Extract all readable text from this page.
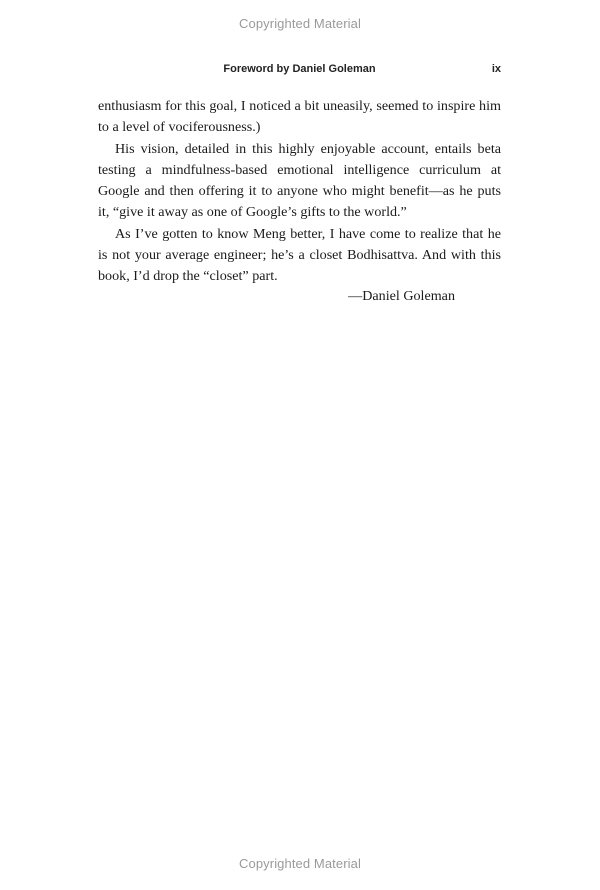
Copyrighted Material
Foreword by Daniel Goleman	ix

enthusiasm for this goal, I noticed a bit uneasily, seemed to inspire him to a level of vociferousness.)

His vision, detailed in this highly enjoyable account, entails beta testing a mindfulness-based emotional intelligence curriculum at Google and then offering it to anyone who might benefit—as he puts it, “give it away as one of Google’s gifts to the world.”

As I’ve gotten to know Meng better, I have come to realize that he is not your average engineer; he’s a closet Bodhisattva. And with this book, I’d drop the “closet” part.

—Daniel Goleman
Copyrighted Material
